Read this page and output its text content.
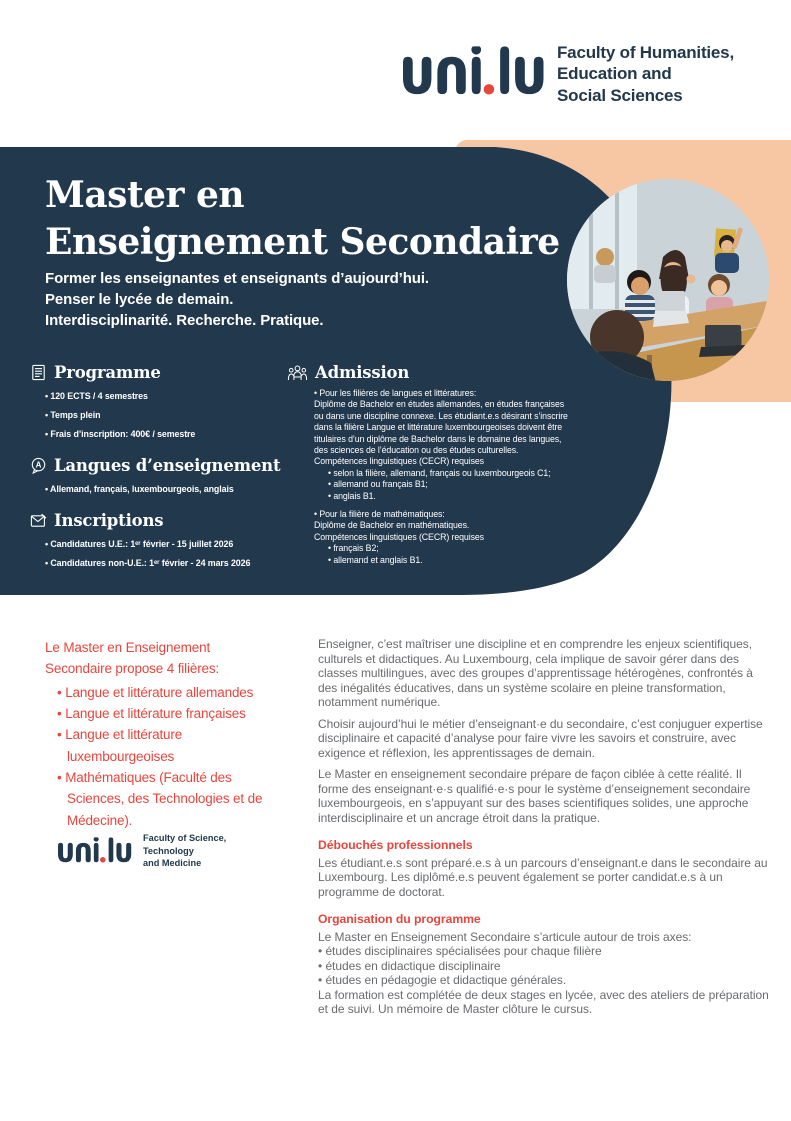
Faculty of Humanities,
Education and
Social Sciences
Master en
Enseignement Secondaire
Former les enseignantes et enseignants d’aujourd’hui.
Penser le lycée de demain.
Interdisciplinarité. Recherche. Pratique.
Programme
• 120 ECTS / 4 semestres
• Temps plein
• Frais d’inscription: 400€ / semestre
A Langues d’enseignement
• Allemand, français, luxembourgeois, anglais
Inscriptions
• Candidatures U.E.: 1ᵉʳ février - 15 juillet 2026
• Candidatures non-U.E.: 1ᵉʳ février - 24 mars 2026
Admission
• Pour les filières de langues et littératures:
Diplôme de Bachelor en études allemandes, en études françaises ou dans une discipline connexe. Les étudiant.e.s désirant s’inscrire dans la filière Langue et littérature luxembourgeoises doivent être titulaires d’un diplôme de Bachelor dans le domaine des langues, des sciences de l’éducation ou des études culturelles.
Compétences linguistiques (CECR) requises
• selon la filière, allemand, français ou luxembourgeois C1;
• allemand ou français B1;
• anglais B1.
• Pour la filière de mathématiques:
Diplôme de Bachelor en mathématiques.
Compétences linguistiques (CECR) requises
• français B2;
• allemand et anglais B1.
Le Master en Enseignement Secondaire propose 4 filières:
• Langue et littérature allemandes
• Langue et littérature françaises
• Langue et littérature luxembourgeoises
• Mathématiques (Faculté des Sciences, des Technologies et de Médecine).
Faculty of Science,
Technology
and Medicine

Enseigner, c’est maîtriser une discipline et en comprendre les enjeux scientifiques, culturels et didactiques. Au Luxembourg, cela implique de savoir gérer dans des classes multilingues, avec des groupes d’apprentissage hétérogènes, confrontés à des inégalités éducatives, dans un système scolaire en pleine transformation, notamment numérique.

Choisir aujourd’hui le métier d’enseignant·e du secondaire, c’est conjuguer expertise disciplinaire et capacité d’analyse pour faire vivre les savoirs et construire, avec exigence et réflexion, les apprentissages de demain.

Le Master en enseignement secondaire prépare de façon ciblée à cette réalité. Il forme des enseignant·e·s qualifié·e·s pour le système d’enseignement secondaire luxembourgeois, en s’appuyant sur des bases scientifiques solides, une approche interdisciplinaire et un ancrage étroit dans la pratique.

Débouchés professionnels

Les étudiant.e.s sont préparé.e.s à un parcours d’enseignant.e dans le secondaire au Luxembourg. Les diplômé.e.s peuvent également se porter candidat.e.s à un programme de doctorat.

Organisation du programme

Le Master en Enseignement Secondaire s’articule autour de trois axes:

• études disciplinaires spécialisées pour chaque filière
• études en didactique disciplinaire
• études en pédagogie et didactique générales.

La formation est complétée de deux stages en lycée, avec des ateliers de préparation et de suivi. Un mémoire de Master clôture le cursus.
